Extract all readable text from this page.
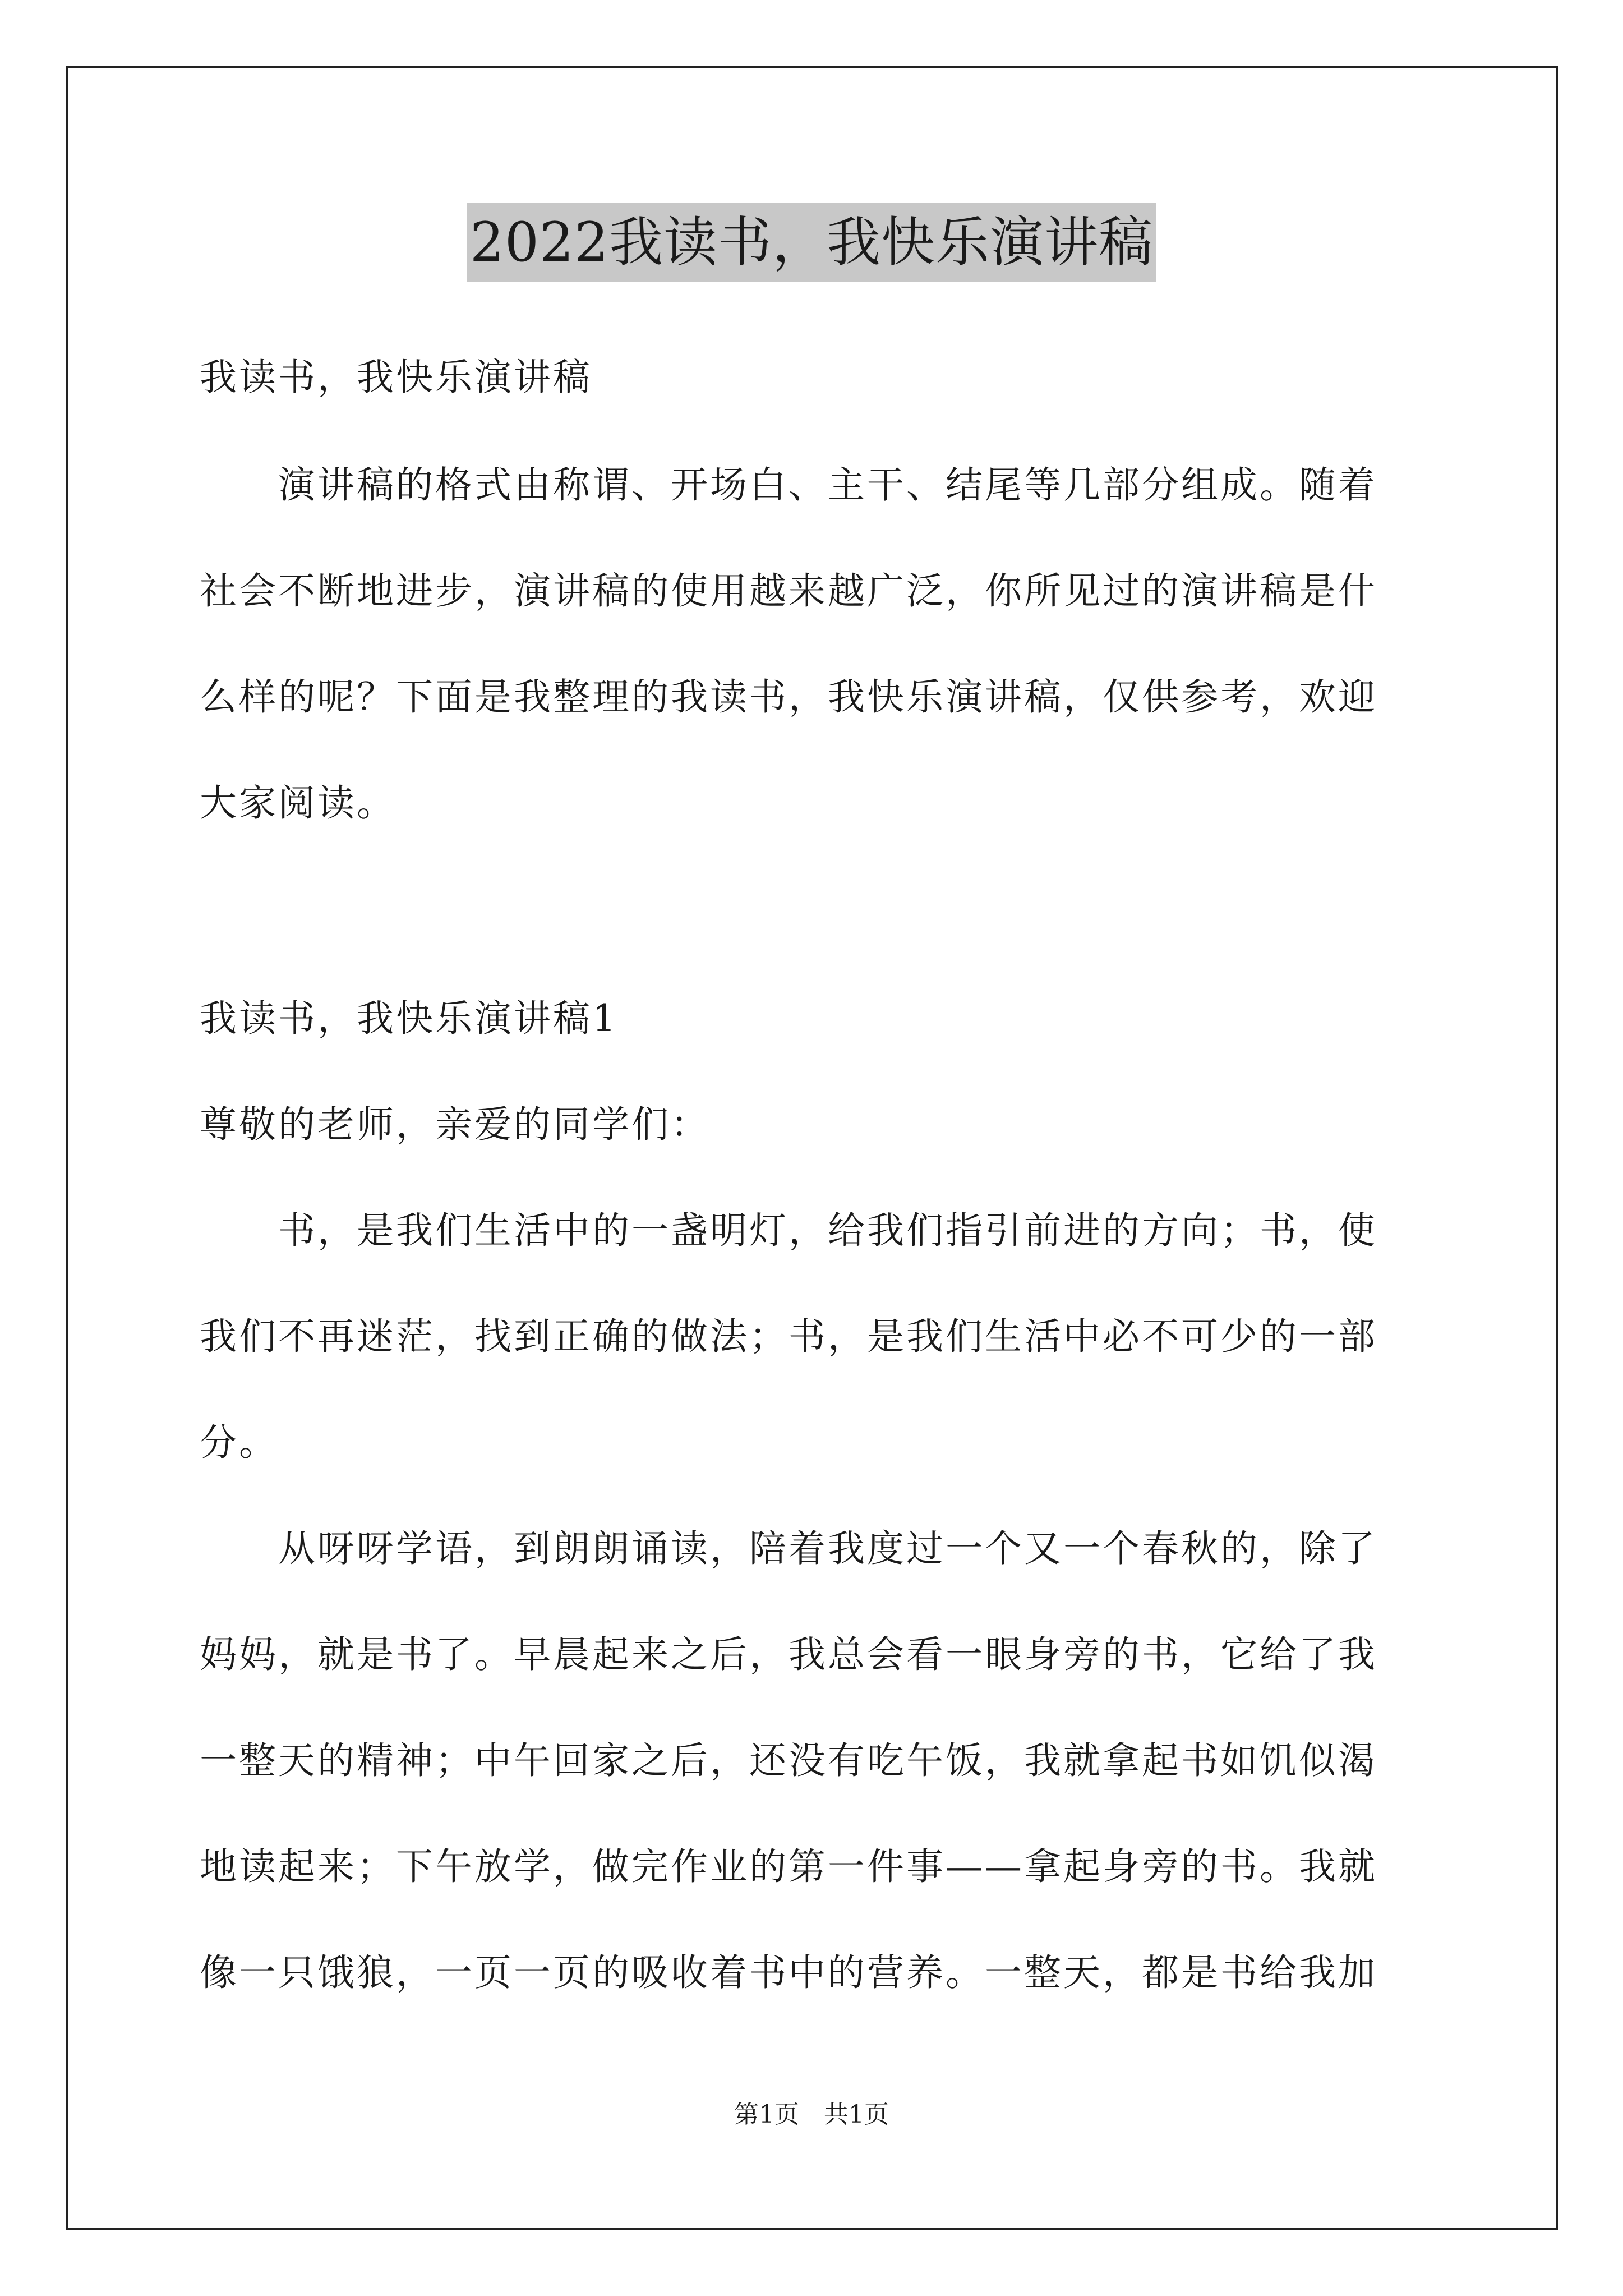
2022我读书，我快乐演讲稿
我读书，我快乐演讲稿
　　演讲稿的格式由称谓、开场白、主干、结尾等几部分组成。随着
社会不断地进步，演讲稿的使用越来越广泛，你所见过的演讲稿是什
么样的呢？下面是我整理的我读书，我快乐演讲稿，仅供参考，欢迎
大家阅读。
我读书，我快乐演讲稿1
尊敬的老师，亲爱的同学们：
　　书，是我们生活中的一盏明灯，给我们指引前进的方向；书，使
我们不再迷茫，找到正确的做法；书，是我们生活中必不可少的一部
分。
　　从呀呀学语，到朗朗诵读，陪着我度过一个又一个春秋的，除了
妈妈，就是书了。早晨起来之后，我总会看一眼身旁的书，它给了我
一整天的精神；中午回家之后，还没有吃午饭，我就拿起书如饥似渴
地读起来；下午放学，做完作业的第一件事——拿起身旁的书。我就
像一只饿狼，一页一页的吸收着书中的营养。一整天，都是书给我加
第1页　共1页
